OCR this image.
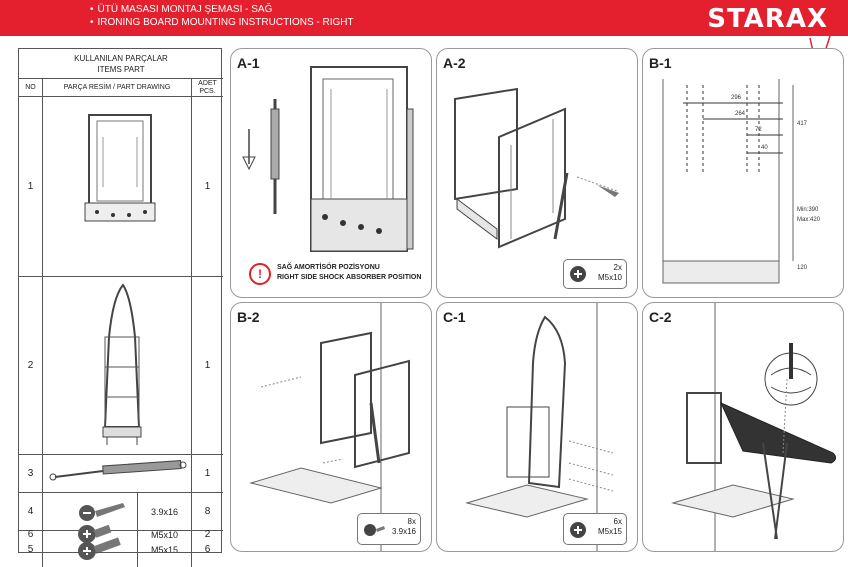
• ÜTÜ MASASI MONTAJ ŞEMASI - SAĞ
• IRONING BOARD MOUNTING INSTRUCTIONS - RIGHT	STARAX
KULLANILAN PARÇALAR
ITEMS PART
NO	PARÇA RESİM / PART DRAWING
ADET
PCS.
1	1
2	1
3	1
4	3.9x16	8
5	M5x15	6
6	M5x10	2
A-1
!	SAĞ AMORTİSÖR POZİSYONU
RIGHT SIDE SHOCK ABSORBER POSITION
A-2
2x
M5x10
B-1
296
264
72
40
417
Min:390
Max:420
120
B-2
8x
3.9x16
C-1
6x
M5x15
C-2
